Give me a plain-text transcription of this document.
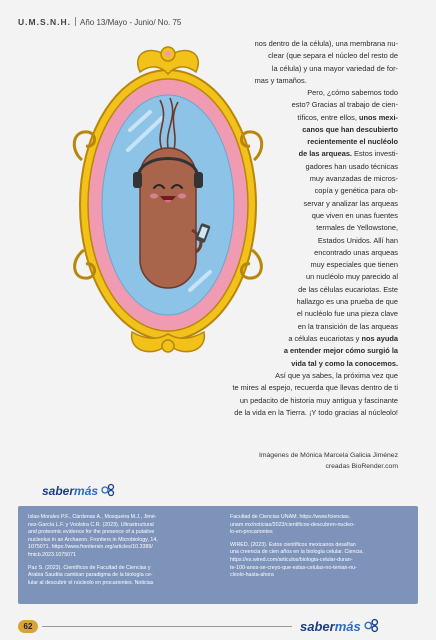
U.M.S.N.H. Año 13/Mayo - Junio/ No. 75
nos dentro de la célula), una membrana nu-
clear (que separa el núcleo del resto de
la célula) y una mayor variedad de for-
mas y tamaños.
Pero, ¿cómo sabemos todo
esto? Gracias al trabajo de cien-
tíficos, entre ellos, unos mexi-
canos que han descubierto
recientemente el nucléolo
de las arqueas. Estos investi-
gadores han usado técnicas
muy avanzadas de micros-
copía y genética para ob-
servar y analizar las arqueas
que viven en unas fuentes
termales de Yellowstone,
Estados Unidos. Allí han
encontrado unas arqueas
muy especiales que tienen
un nucléolo muy parecido al
de las células eucariotas. Este
hallazgo es una prueba de que
el nucléolo fue una pieza clave
en la transición de las arqueas
a células eucariotas y nos ayuda
a entender mejor cómo surgió la
vida tal y como la conocemos.
Así que ya sabes, la próxima vez que
te mires al espejo, recuerda que llevas dentro de ti
un pedacito de historia muy antigua y fascinante
de la vida en la Tierra. ¡Y todo gracias al núcleolo!
Imágenes de Mónica Marcela Galicia Jiménez
creadas BioRender.com
sabermás

Islas-Morales P.F., Cárdenas A., Mosqueira M.J., Jimé-
nez-García L.F. y Voolstra C.R. (2023). Ultrastructural
and proteomic evidence for the presence of a putative
nucleolus in an Archaeon. Frontiers in Microbiology, 14,
1075071. https://www.frontiersin.org/articles/10.3389/
fmicb.2023.1075071

Paz S. (2023). Científicos de Facultad de Ciencias y
Arabia Saudita cambian paradigma de la biología ce-
lular al descubrir el núcleolo en procariontes. Noticias

Facultad de Ciencias UNAM. https://www.fciencias.
unam.mx/noticias/2023/cientificos-descubren-nucleo-
lo-en-procariontes

WIRED. (2023). Estos científicos mexicanos desafían
una creencia de cien años en la biología celular. Ciencia.
https://es.wired.com/articulos/biologia-celular-duran-
te-100-anos-se-creyo-que-estas-celulas-no-tenian-nu-
cleolo-hasta-ahora

62	sabermás
